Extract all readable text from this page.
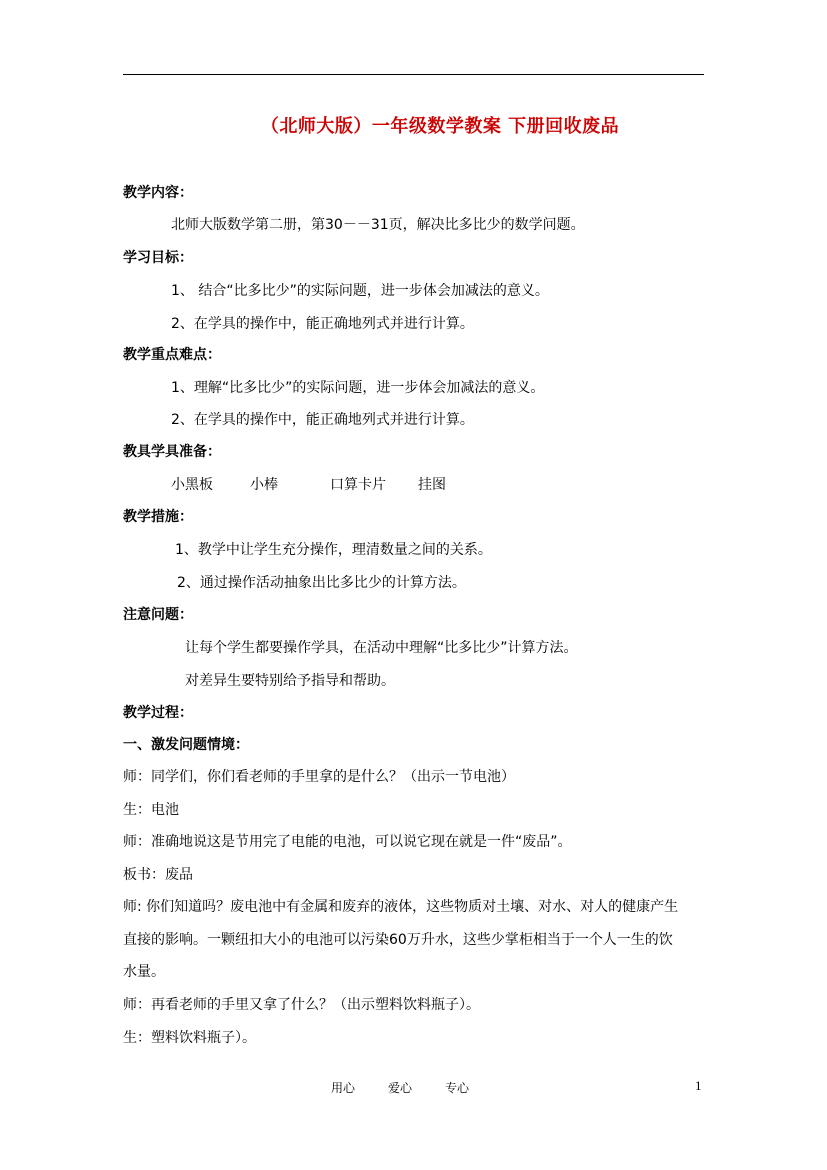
（北师大版）一年级数学教案 下册回收废品
教学内容：
北师大版数学第二册，第30－－31页，解决比多比少的数学问题。
学习目标：
1、 结合“比多比少”的实际问题，进一步体会加减法的意义。
2、在学具的操作中，能正确地列式并进行计算。
教学重点难点：
1、理解“比多比少”的实际问题，进一步体会加减法的意义。
2、在学具的操作中，能正确地列式并进行计算。
教具学具准备：
小黑板	小棒	口算卡片 挂图
教学措施：
1、教学中让学生充分操作，理清数量之间的关系。
2、通过操作活动抽象出比多比少的计算方法。
注意问题：
让每个学生都要操作学具，在活动中理解“比多比少”计算方法。
对差异生要特别给予指导和帮助。
教学过程：
一、激发问题情境：
师：同学们，你们看老师的手里拿的是什么？（出示一节电池）
生：电池
师：准确地说这是节用完了电能的电池，可以说它现在就是一件“废品”。
板书：废品
师: 你们知道吗？废电池中有金属和废弃的液体，这些物质对土壤、对水、对人的健康产生
直接的影响。一颗纽扣大小的电池可以污染60万升水，这些少掌柜相当于一个人一生的饮
水量。
师：再看老师的手里又拿了什么？（出示塑料饮料瓶子）。
生：塑料饮料瓶子）。
用心	爱心	专心	1
